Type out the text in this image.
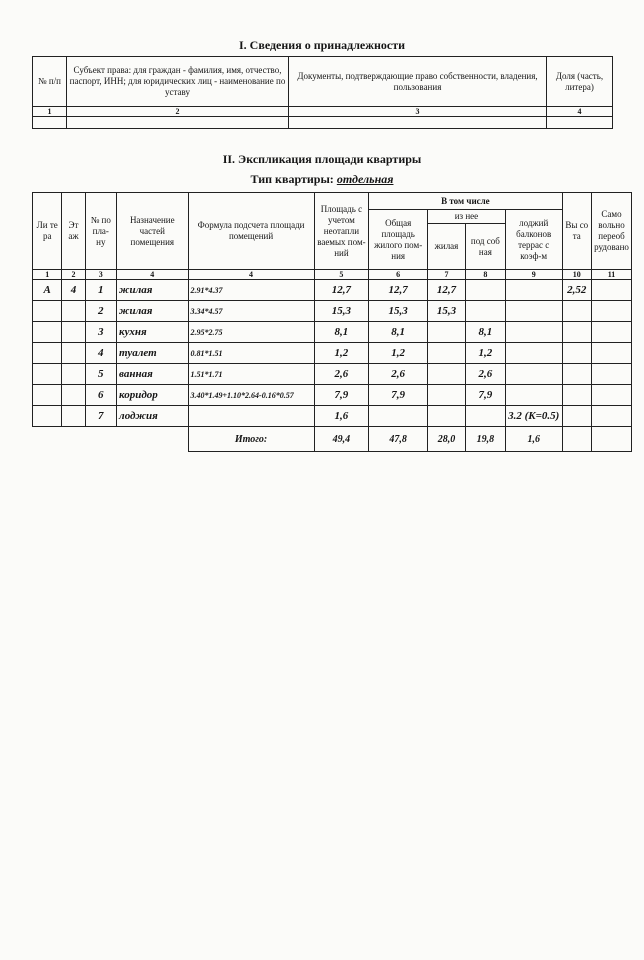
I. Сведения о принадлежности
№ п/п	Субъект права: для граждан - фамилия, имя, отчество, паспорт, ИНН; для юридических лиц - наименование по уставу	Документы, подтверждающие право собственности, владения, пользования	Доля (часть, литера)
1	2	3	4

II. Экспликация площади квартиры
Тип квартиры: отдельная
Ли те ра	Эт аж	№ по пла- ну	Назначение частей помещения	Формула подсчета площади помещений	Площадь с учетом неотапли ваемых пом-ний	В том числе				Вы со та	Само вольно переоб рудовано
						Общая площадь жилого пом-ния	из нее		лоджий балконов террас с коэф-м		
							жилая	под соб ная			
1	2	3	4	4	5	6	7	8	9	10	11
А	4	1	жилая	2.91*4.37	12,7	12,7	12,7			2,52	
		2	жилая	3.34*4.57	15,3	15,3	15,3				
		3	кухня	2.95*2.75	8,1	8,1		8,1			
		4	туалет	0.81*1.51	1,2	1,2		1,2			
		5	ванная	1.51*1.71	2,6	2,6		2,6			
		6	коридор	3.40*1.49+1.10*2.64-0.16*0.57	7,9	7,9		7,9			
		7	лоджия		1,6				3.2 (K=0.5)		
				Итого:	49,4	47,8	28,0	19,8	1,6		
